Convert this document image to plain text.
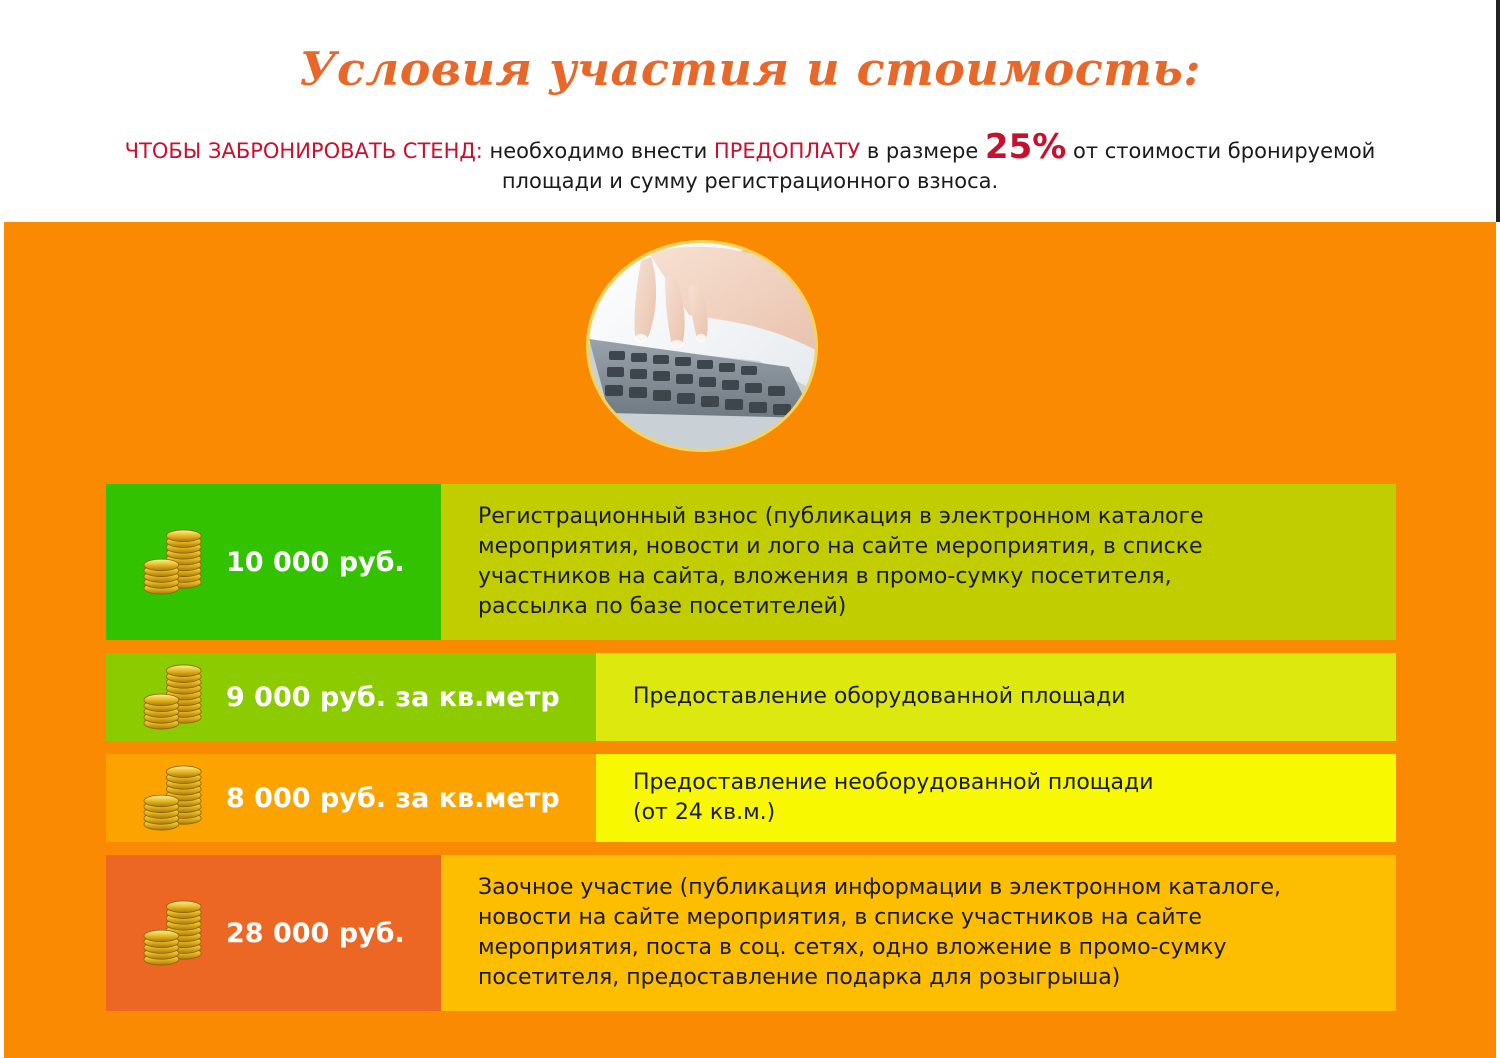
Условия участия и стоимость:
ЧТОБЫ ЗАБРОНИРОВАТЬ СТЕНД: необходимо внести ПРЕДОПЛАТУ в размере 25% от стоимости бронируемой площади и сумму регистрационного взноса.
10 000 руб.
Регистрационный взнос (публикация в электронном каталоге
мероприятия, новости и лого на сайте мероприятия, в списке
участников на сайта, вложения в промо-сумку посетителя,
рассылка по базе посетителей)
9 000 руб. за кв.метр	Предоставление оборудованной площади
8 000 руб. за кв.метр	Предоставление необорудованной площади
(от 24 кв.м.)
28 000 руб.
Заочное участие (публикация информации в электронном каталоге,
новости на сайте мероприятия, в списке участников на сайте
мероприятия, поста в соц. сетях, одно вложение в промо-сумку
посетителя, предоставление подарка для розыгрыша)
